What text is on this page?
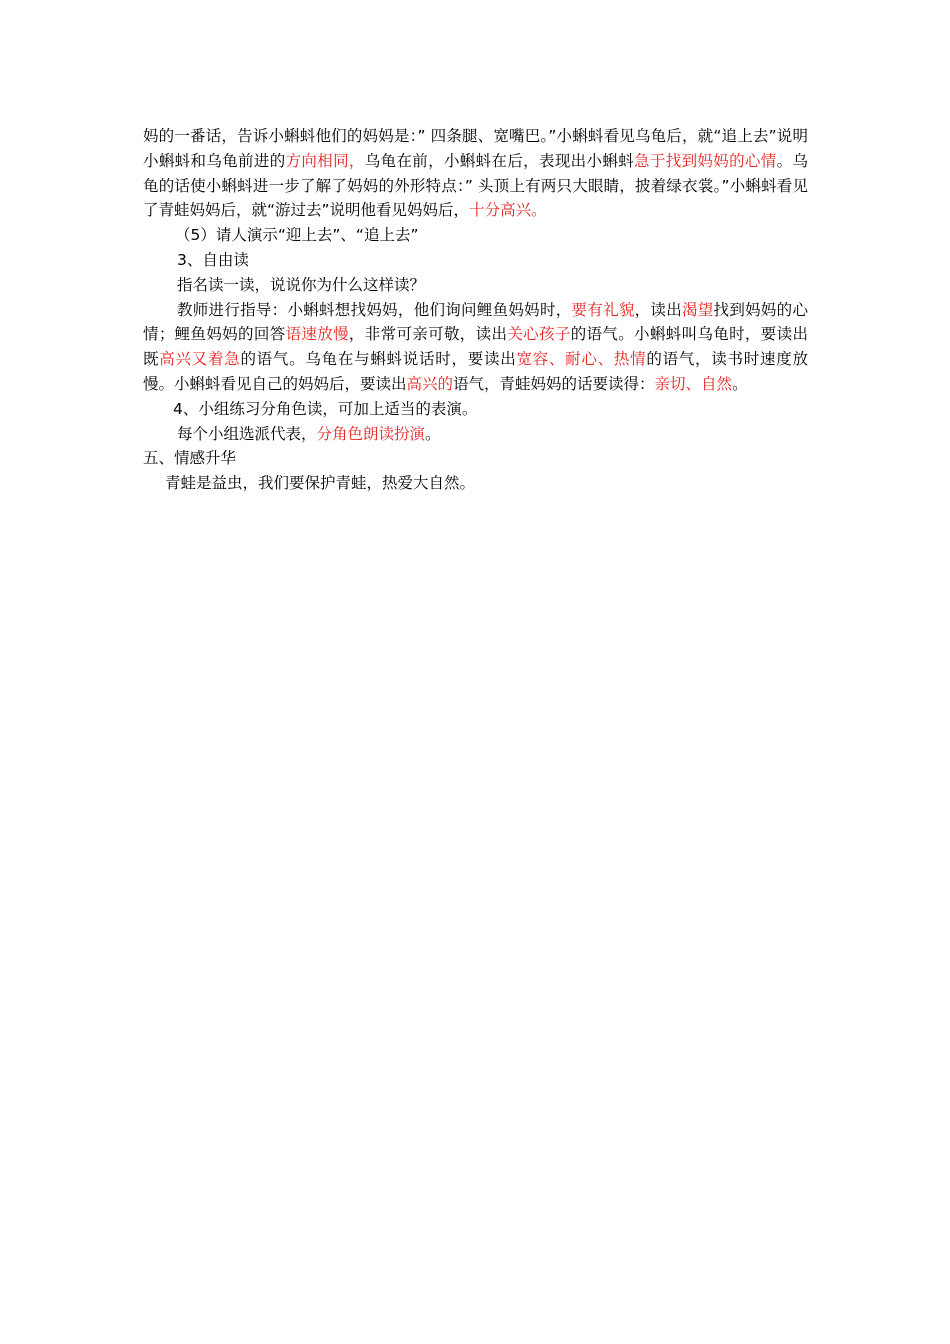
妈的一番话，告诉小蝌蚪他们的妈妈是：” 四条腿、宽嘴巴。”小蝌蚪看见乌龟后，就“追上去”说明小蝌蚪和乌龟前进的方向相同，乌龟在前，小蝌蚪在后，表现出小蝌蚪急于找到妈妈的心情。乌龟的话使小蝌蚪进一步了解了妈妈的外形特点：” 头顶上有两只大眼睛，披着绿衣裳。”小蝌蚪看见了青蛙妈妈后，就“游过去”说明他看见妈妈后，十分高兴。

（5）请人演示“迎上去”、“追上去”

3、自由读

指名读一读，说说你为什么这样读？

教师进行指导：小蝌蚪想找妈妈，他们询问鲤鱼妈妈时，要有礼貌，读出渴望找到妈妈的心情；鲤鱼妈妈的回答语速放慢，非常可亲可敬，读出关心孩子的语气。小蝌蚪叫乌龟时，要读出既高兴又着急的语气。乌龟在与蝌蚪说话时，要读出宽容、耐心、热情的语气，读书时速度放慢。小蝌蚪看见自己的妈妈后，要读出高兴的语气，青蛙妈妈的话要读得：亲切、自然。

4、小组练习分角色读，可加上适当的表演。

每个小组选派代表，分角色朗读扮演。

五、情感升华

青蛙是益虫，我们要保护青蛙，热爱大自然。
